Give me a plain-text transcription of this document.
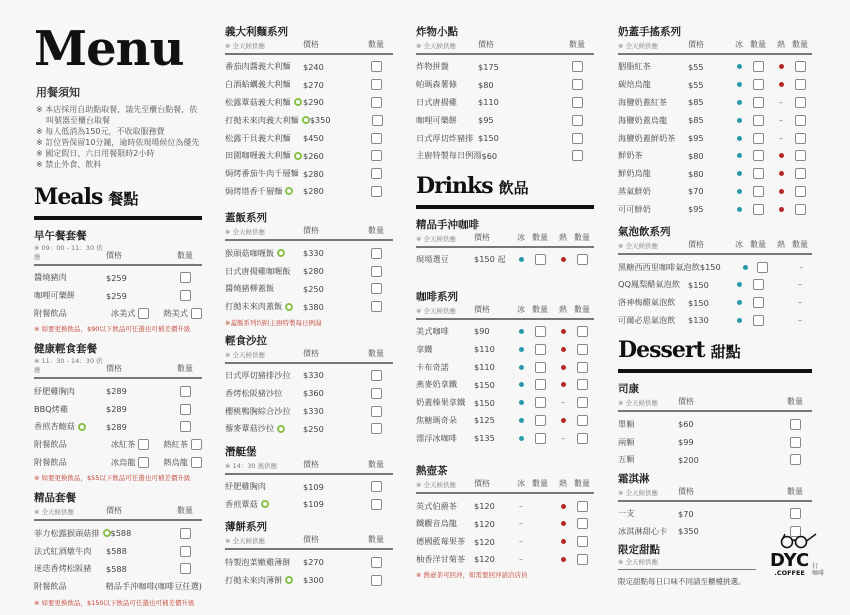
Menu
用餐須知
※ 本店採用自助點取餐，請先至櫃台點餐，依叫號器至櫃台取餐
※ 每人低消為150元，不收取服務費
※ 訂位皆保留10分鐘，逾時依現場候位為優先
※ 國定假日、六日用餐限時2小時
※ 禁止外食、飲料
Meals 餐點
早午餐套餐
※ 09：00 - 11：30 供應	價格	數量
醬燒豬肉	$259
咖哩可樂餅	$259
附餐飲品	冰美式	熱美式
※ 如要更換飲品，$90以下飲品可任選也可補差價升級
健康輕食套餐
※ 11：30 - 14：30 供應	價格	數量
紓肥雞胸肉	$289
BBQ烤雞	$289
香煎杏鮑菇	$289
附餐飲品	冰紅茶	熱紅茶
附餐飲品	冰烏龍	熱烏龍
※ 如要更換飲品，$55以下飲品可任選也可補差價升級
精品套餐
※ 全天候供應	價格	數量
菲力松露猴頭菇排	$588
法式紅酒燉牛肉	$588
迷迭香烤松阪豬	$588
附餐飲品	精品手沖咖啡(咖啡豆任選)
※ 如要更換飲品，$150以下飲品可任選也可補差價升級
義大利麵系列
※ 全天候供應	價格	數量
番茄肉醬義大利麵	$240
白酒蛤蠣義大利麵	$270
松露蕈菇義大利麵	$290
打拋未來肉義大利麵	$350
松露干貝義大利麵	$450
田園咖喱義大利麵	$260
焗烤番茄牛肉千層麵 $280
焗烤塔香千層麵	$280
蓋飯系列
※ 全天候供應	價格	數量
猴頭菇咖喱飯	$330
日式唐揚雞咖喱飯	$280
醬燒豬柳蓋飯	$250
打拋未來肉蓋飯	$380
※蓋飯系列均附主廚特製每日例湯
輕食沙拉
※ 全天候供應	價格	數量
日式厚切豬排沙拉	$330
香烤松阪豬沙拉	$360
櫻桃鴨胸綜合沙拉	$330
藜麥蕈菇沙拉	$250
潛艇堡
※ 14：30 後供應	價格	數量
紓肥雞胸肉	$109
香煎蕈菇	$109
薄餅系列
※ 全天候供應	價格	數量
特製泡菜嫩雞薄餅	$270
打拋未來肉薄餅	$300
炸物小點
※ 全天候供應	價格	數量
炸物拼盤	$175
帕瑪森薯條	$80
日式唐揚雞	$110
咖哩可樂餅	$95
日式厚切炸豬排 $150
主廚特製每日例湯 $60
Drinks 飲品
精品手沖咖啡
※ 全天候供應	價格	冰 數量	熱 數量
現場選豆	$150 起
咖啡系列
※ 全天候供應	價格	冰 數量	熱 數量
美式咖啡	$90
拿鐵	$110
卡布奇諾	$110
燕麥奶拿鐵	$150
奶蓋榛果拿鐵	$150	–
焦糖瑪奇朵	$125
漂浮冰咖啡	$135	–
熱壺茶
※ 全天候供應	價格	冰 數量	熱 數量
英式伯爵茶	$120	–
鐵觀音烏龍	$120	–
德國藍莓果茶	$120	–
柚香洋甘菊茶	$120	–
※ 熱壺茶可回沖，如需要回沖請洽店員
奶蓋手搖系列
※ 全天候供應	價格	冰 數量	熱 數量
胭脂紅茶	$55
碳焙烏龍	$55
海鹽奶蓋紅茶	$85	–
海鹽奶蓋烏龍	$85	–
海鹽奶蓋鮮奶茶	$95	–
鮮奶茶	$80
鮮奶烏龍	$80
蒸氣鮮奶	$70
可可鮮奶	$95
氣泡飲系列
※ 全天候供應	價格	冰 數量	熱 數量
黑糖西西里咖啡氣泡飲 $150	–
QQ鳳梨醋氣泡飲 $150	–
洛神梅醋氣泡飲	$150	–
可爾必思氣泡飲	$130	–
Dessert 甜點
司康
※ 全天候供應	價格	數量
單顆	$60
兩顆	$99
五顆	$200
霜淇淋
※ 全天候供應	價格	數量
一支	$70
冰淇淋甜心卡	$350
限定甜點
※ 全天候供應
限定甜點每日口味不同請至櫃檯挑選。
DYC
.COFFEE
打
咖啡
